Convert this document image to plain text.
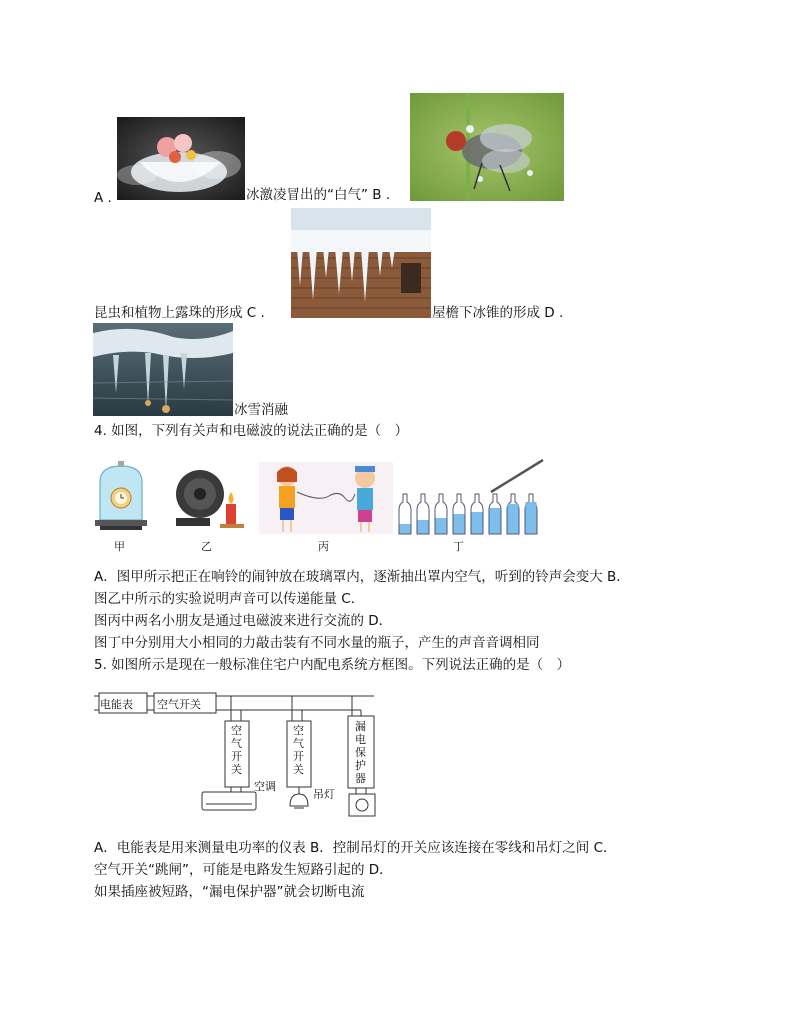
A .	冰激凌冒出的“白气” B .
昆虫和植物上露珠的形成 C .	屋檐下冰锥的形成 D .
冰雪消融
4. 如图，下列有关声和电磁波的说法正确的是（　）
甲	乙	丙	丁
A．图甲所示把正在响铃的闹钟放在玻璃罩内，逐渐抽出罩内空气，听到的铃声会变大 B．
图乙中所示的实验说明声音可以传递能量 C．
图丙中两名小朋友是通过电磁波来进行交流的 D．
图丁中分别用大小相同的力敲击装有不同水量的瓶子，产生的声音音调相同
5. 如图所示是现在一般标准住宅户内配电系统方框图。下列说法正确的是（　）
电能表 空气开关
空气开关
空调
空气开关
吊灯
漏电保护器
A．电能表是用来测量电功率的仪表 B．控制吊灯的开关应该连接在零线和吊灯之间 C．
空气开关“跳闸”，可能是电路发生短路引起的 D．
如果插座被短路，“漏电保护器”就会切断电流
